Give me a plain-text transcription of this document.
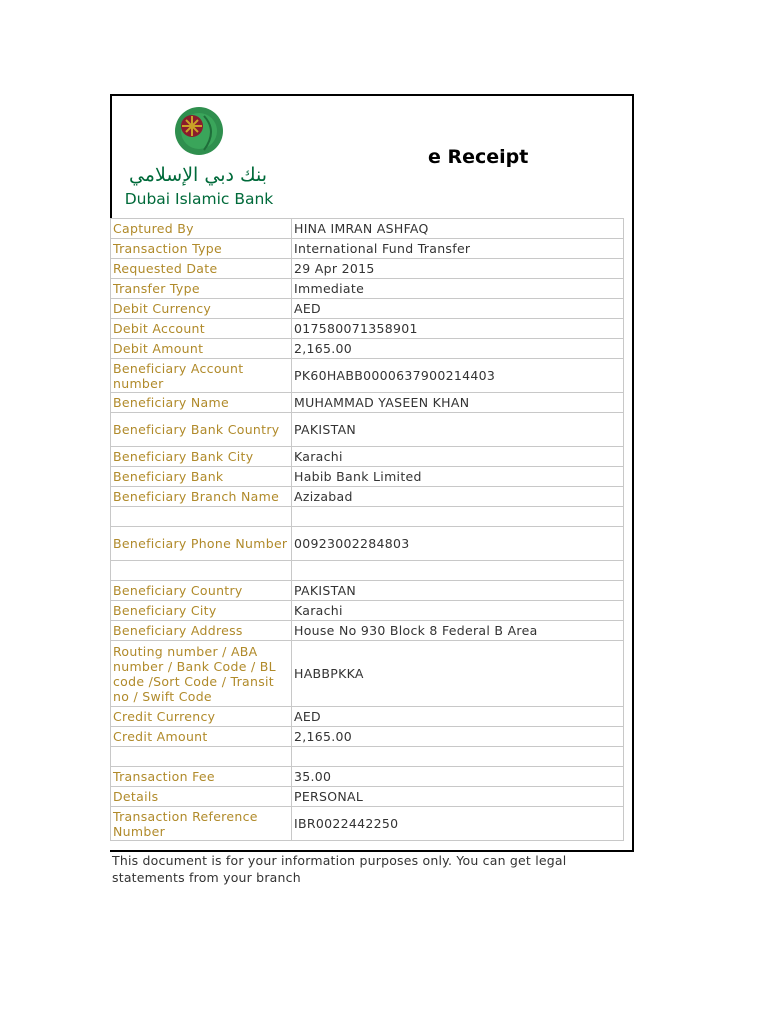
بنك دبي الإسلامي
Dubai Islamic Bank
e Receipt
Captured By	HINA IMRAN ASHFAQ
Transaction Type	International Fund Transfer
Requested Date	29 Apr 2015
Transfer Type	Immediate
Debit Currency	AED
Debit Account	017580071358901
Debit Amount	2,165.00
Beneficiary Account number	PK60HABB0000637900214403
Beneficiary Name	MUHAMMAD YASEEN KHAN
Beneficiary Bank Country	PAKISTAN
Beneficiary Bank City	Karachi
Beneficiary Bank	Habib Bank Limited
Beneficiary Branch Name	Azizabad

Beneficiary Phone Number	00923002284803

Beneficiary Country	PAKISTAN
Beneficiary City	Karachi
Beneficiary Address	House No 930 Block 8 Federal B Area
Routing number / ABA number / Bank Code / BL code /Sort Code / Transit no / Swift Code	HABBPKKA
Credit Currency	AED
Credit Amount	2,165.00

Transaction Fee	35.00
Details	PERSONAL
Transaction Reference Number	IBR0022442250
This document is for your information purposes only. You can get legal statements from your branch
